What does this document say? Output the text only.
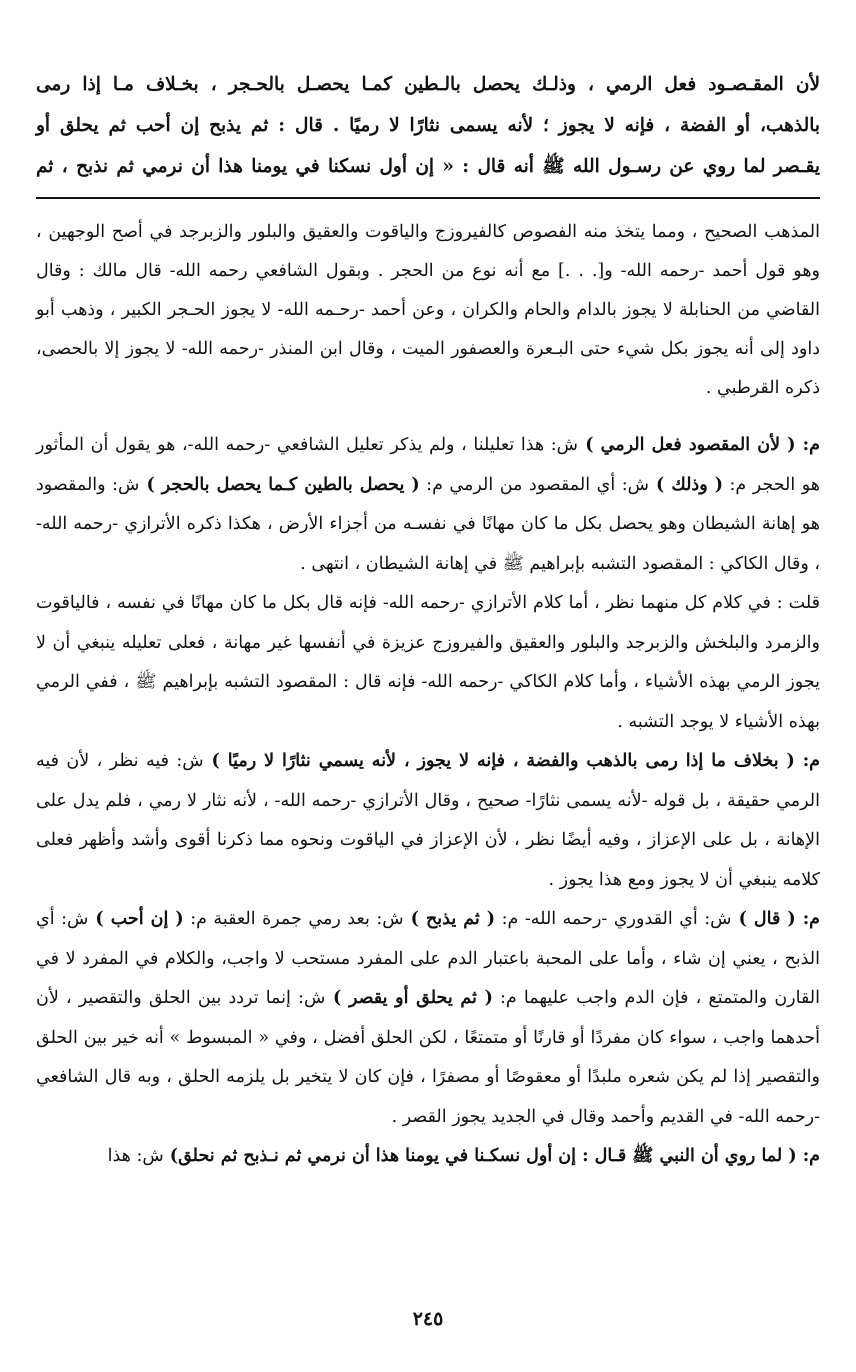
لأن المقـصـود فعل الرمي ، وذلـك يحصل بالـطين كمـا يحصـل بالحـجر ، بخـلاف مـا إذا رمى

بالذهب، أو الفضة ، فإنه لا يجوز ؛ لأنه يسمى نثارًا لا رميًا . قال : ثم يذبح إن أحب ثم يحلق أو

يقـصر لما روي عن رسـول الله ﷺ أنه قال : « إن أول نسكنا في يومنا هذا أن نرمي ثم نذبح ، ثم

المذهب الصحيح ، ومما يتخذ منه الفصوص كالفيروزج والياقوت والعقيق والبلور والزبرجد في أصح الوجهين ، وهو قول أحمد -رحمه الله- و[. . .] مع أنه نوع من الحجر . وبقول الشافعي رحمه الله- قال مالك : وقال القاضي من الحنابلة لا يجوز بالدام والحام والكران ، وعن أحمد -رحـمه الله- لا يجوز الحـجر الكبير ، وذهب أبو داود إلى أنه يجوز بكل شيء حتى البـعرة والعصفور الميت ، وقال ابن المنذر -رحمه الله- لا يجوز إلا بالحصى، ذكره القرطبي .

م: ( لأن المقصود فعل الرمي ) ش: هذا تعليلنا ، ولم يذكر تعليل الشافعي -رحمه الله-، هو يقول أن المأثور هو الحجر م: ( وذلك ) ش: أي المقصود من الرمي م: ( يحصل بالطين كـما يحصل بالحجر ) ش: والمقصود هو إهانة الشيطان وهو يحصل بكل ما كان مهانًا في نفسـه من أجزاء الأرض ، هكذا ذكره الأترازي -رحمه الله- ، وقال الكاكي : المقصود التشبه بإبراهيم ﷺ في إهانة الشيطان ، انتهى .

قلت : في كلام كل منهما نظر ، أما كلام الأترازي -رحمه الله- فإنه قال بكل ما كان مهانًا في نفسه ، فالياقوت والزمرد والبلخش والزبرجد والبلور والعقيق والفيروزج عزيزة في أنفسها غير مهانة ، فعلى تعليله ينبغي أن لا يجوز الرمي بهذه الأشياء ، وأما كلام الكاكي -رحمه الله- فإنه قال : المقصود التشبه بإبراهيم ﷺ ، ففي الرمي بهذه الأشياء لا يوجد التشبه .

م: ( بخلاف ما إذا رمى بالذهب والفضة ، فإنه لا يجوز ، لأنه يسمي نثارًا لا رميًا ) ش: فيه نظر ، لأن فيه الرمي حقيقة ، بل قوله -لأنه يسمى نثارًا- صحيح ، وقال الأترازي -رحمه الله- ، لأنه نثار لا رمي ، فلم يدل على الإهانة ، بل على الإعزاز ، وفيه أيضًا نظر ، لأن الإعزاز في الياقوت ونحوه مما ذكرنا أقوى وأشد وأظهر فعلى كلامه ينبغي أن لا يجوز ومع هذا يجوز .

م: ( قال ) ش: أي القدوري -رحمه الله- م: ( ثم يذبح ) ش: بعد رمي جمرة العقبة م: ( إن أحب ) ش: أي الذبح ، يعني إن شاء ، وأما على المحبة باعتبار الدم على المفرد مستحب لا واجب، والكلام في المفرد لا في القارن والمتمتع ، فإن الدم واجب عليهما م: ( ثم يحلق أو يقصر ) ش: إنما تردد بين الحلق والتقصير ، لأن أحدهما واجب ، سواء كان مفردًا أو قارنًا أو متمتعًا ، لكن الحلق أفضل ، وفي « المبسوط » أنه خير بين الحلق والتقصير إذا لم يكن شعره ملبدًا أو معقوصًا أو مصفرًا ، فإن كان لا يتخير بل يلزمه الحلق ، وبه قال الشافعي -رحمه الله- في القديم وأحمد وقال في الجديد يجوز القصر .

م: ( لما روي أن النبي ﷺ قـال : إن أول نسكـنا في يومنا هذا أن نرمي ثم نـذبح ثم نحلق) ش: هذا

٢٤٥
